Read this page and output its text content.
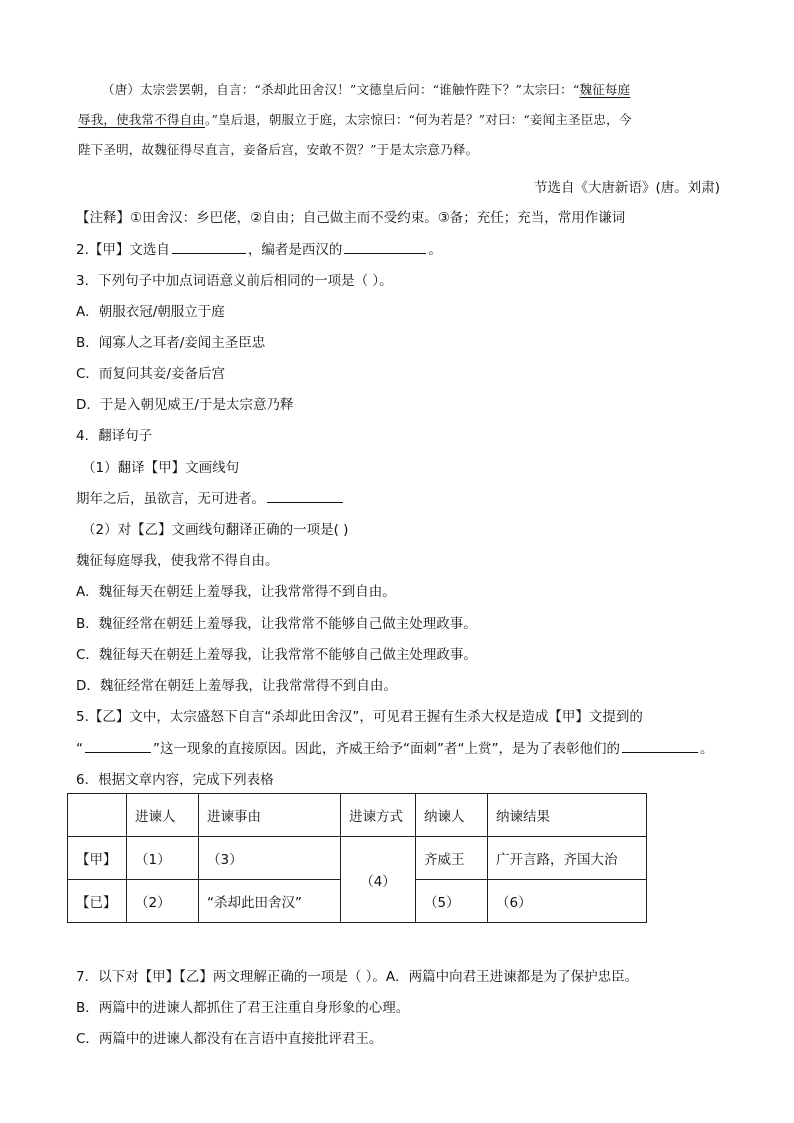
（唐）太宗尝罢朝，自言：“杀却此田舍汉！”文德皇后问：“谁触忤陛下？”太宗曰：“魏征每庭
辱我，使我常不得自由。”皇后退，朝服立于庭，太宗惊曰：“何为若是？”对曰：“妾闻主圣臣忠，今
陛下圣明，故魏征得尽直言，妾备后宫，安敢不贺？”于是太宗意乃释。
节选自《大唐新语》(唐。刘肃)
【注释】①田舍汉：乡巴佬，②自由；自己做主而不受约束。③备；充任；充当，常用作谦词
2.【甲】文选自	，编者是西汉的	。
3．下列句子中加点词语意义前后相同的一项是（ ）。
A．朝服衣冠/朝服立于庭
B．闻寡人之耳者/妾闻主圣臣忠
C．而复问其妾/妾备后宫
D．于是入朝见威王/于是太宗意乃释
4．翻译句子
（1）翻译【甲】文画线句
期年之后，虽欲言，无可进者。
（2）对【乙】文画线句翻译正确的一项是( )
魏征每庭辱我，使我常不得自由。
A．魏征每天在朝廷上羞辱我，让我常常得不到自由。
B．魏征经常在朝廷上羞辱我，让我常常不能够自己做主处理政事。
C．魏征每天在朝廷上羞辱我，让我常常不能够自己做主处理政事。
D．魏征经常在朝廷上羞辱我，让我常常得不到自由。
5.【乙】文中，太宗盛怒下自言“杀却此田舍汉”，可见君王握有生杀大权是造成【甲】文提到的
“	”这一现象的直接原因。因此，齐威王给予“面刺”者“上赏”，是为了表彰他们的	。
6．根据文章内容，完成下列表格
	进谏人	进谏事由	进谏方式	纳谏人	纳谏结果
【甲】	（1）	（3）	（4）	齐威王	广开言路，齐国大治
【已】	（2）	“杀却此田舍汉”		（5）	（6）
7．以下对【甲】【乙】两文理解正确的一项是（ ）。A．两篇中向君王进谏都是为了保护忠臣。
B．两篇中的进谏人都抓住了君王注重自身形象的心理。
C．两篇中的进谏人都没有在言语中直接批评君王。
